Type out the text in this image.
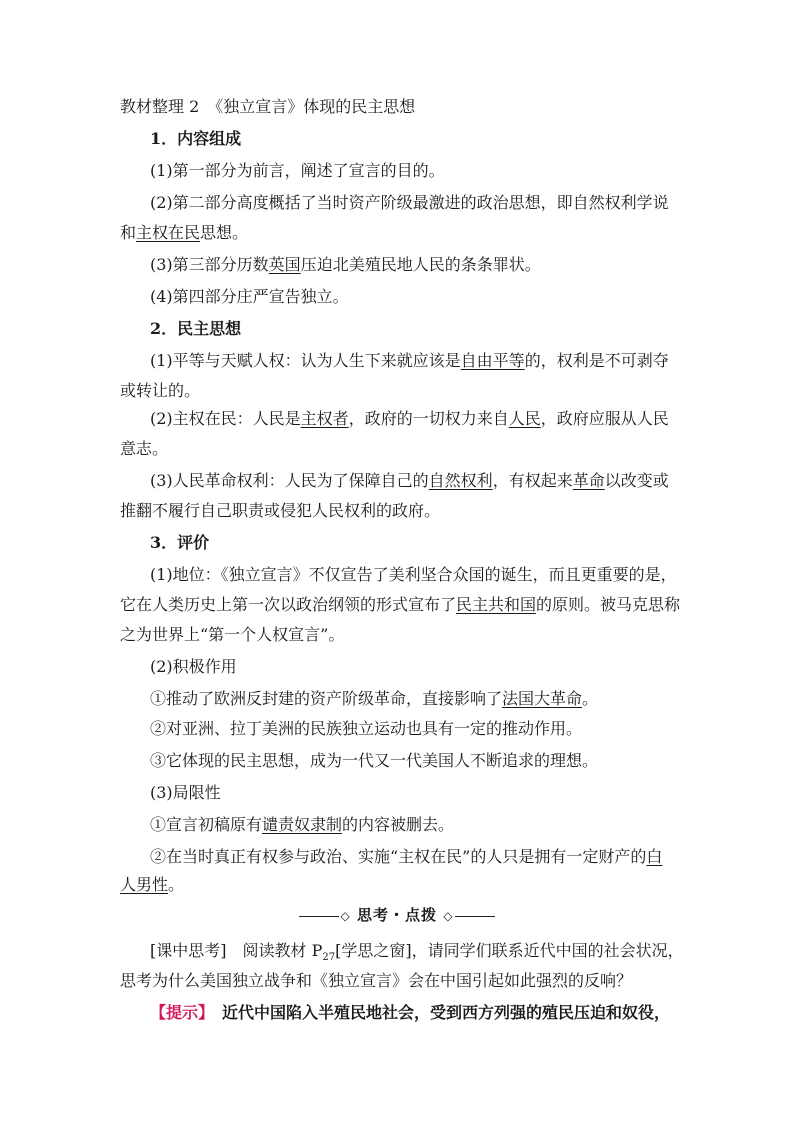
教材整理 2　《独立宣言》体现的民主思想
1．内容组成
(1)第一部分为前言，阐述了宣言的目的。
(2)第二部分高度概括了当时资产阶级最激进的政治思想，即自然权利学说
和主权在民思想。
(3)第三部分历数英国压迫北美殖民地人民的条条罪状。
(4)第四部分庄严宣告独立。
2．民主思想
(1)平等与天赋人权：认为人生下来就应该是自由平等的，权利是不可剥夺
或转让的。
(2)主权在民：人民是主权者，政府的一切权力来自人民，政府应服从人民
意志。
(3)人民革命权利：人民为了保障自己的自然权利，有权起来革命以改变或
推翻不履行自己职责或侵犯人民权利的政府。
3．评价
(1)地位：《独立宣言》不仅宣告了美利坚合众国的诞生，而且更重要的是，
它在人类历史上第一次以政治纲领的形式宣布了民主共和国的原则。被马克思称
之为世界上“第一个人权宣言”。
(2)积极作用
①推动了欧洲反封建的资产阶级革命，直接影响了法国大革命。
②对亚洲、拉丁美洲的民族独立运动也具有一定的推动作用。
③它体现的民主思想，成为一代又一代美国人不断追求的理想。
(3)局限性
①宣言初稿原有谴责奴隶制的内容被删去。
②在当时真正有权参与政治、实施“主权在民”的人只是拥有一定财产的白
人男性。
◇ 思考・点拨 ◇
[课中思考]　阅读教材 $P_{27}$[学思之窗]，请同学们联系近代中国的社会状况，
思考为什么美国独立战争和《独立宣言》会在中国引起如此强烈的反响？
【提示】　近代中国陷入半殖民地社会，受到西方列强的殖民压迫和奴役，
